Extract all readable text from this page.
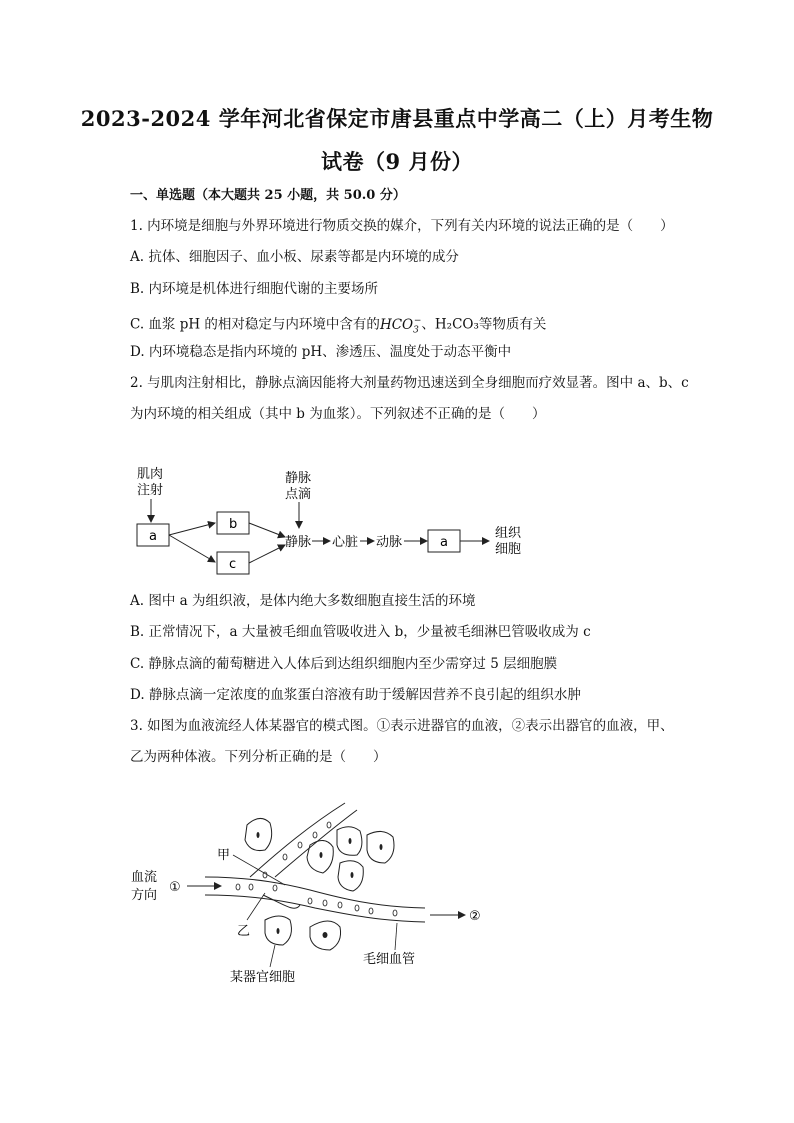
2023-2024 学年河北省保定市唐县重点中学高二（上）月考生物
试卷（9 月份）
一、单选题（本大题共 25 小题，共 50.0 分）
1. 内环境是细胞与外界环境进行物质交换的媒介，下列有关内环境的说法正确的是（　　）
A. 抗体、细胞因子、血小板、尿素等都是内环境的成分
B. 内环境是机体进行细胞代谢的主要场所
C. 血浆 pH 的相对稳定与内环境中含有的$HCO_3^-$、H₂CO₃等物质有关
D. 内环境稳态是指内环境的 pH、渗透压、温度处于动态平衡中
2. 与肌肉注射相比，静脉点滴因能将大剂量药物迅速送到全身细胞而疗效显著。图中 a、b、c
为内环境的相关组成（其中 b 为血浆）。下列叙述不正确的是（　　）
肌肉
注射
a
b
c
静脉
点滴
静脉 心脏 动脉	a
组织
细胞
A. 图中 a 为组织液，是体内绝大多数细胞直接生活的环境
B. 正常情况下，a 大量被毛细血管吸收进入 b，少量被毛细淋巴管吸收成为 c
C. 静脉点滴的葡萄糖进入人体后到达组织细胞内至少需穿过 5 层细胞膜
D. 静脉点滴一定浓度的血浆蛋白溶液有助于缓解因营养不良引起的组织水肿
3. 如图为血液流经人体某器官的模式图。①表示进器官的血液，②表示出器官的血液，甲、
乙为两种体液。下列分析正确的是（　　）
甲
血流
方向
①
乙
某器官细胞
毛细血管
②
